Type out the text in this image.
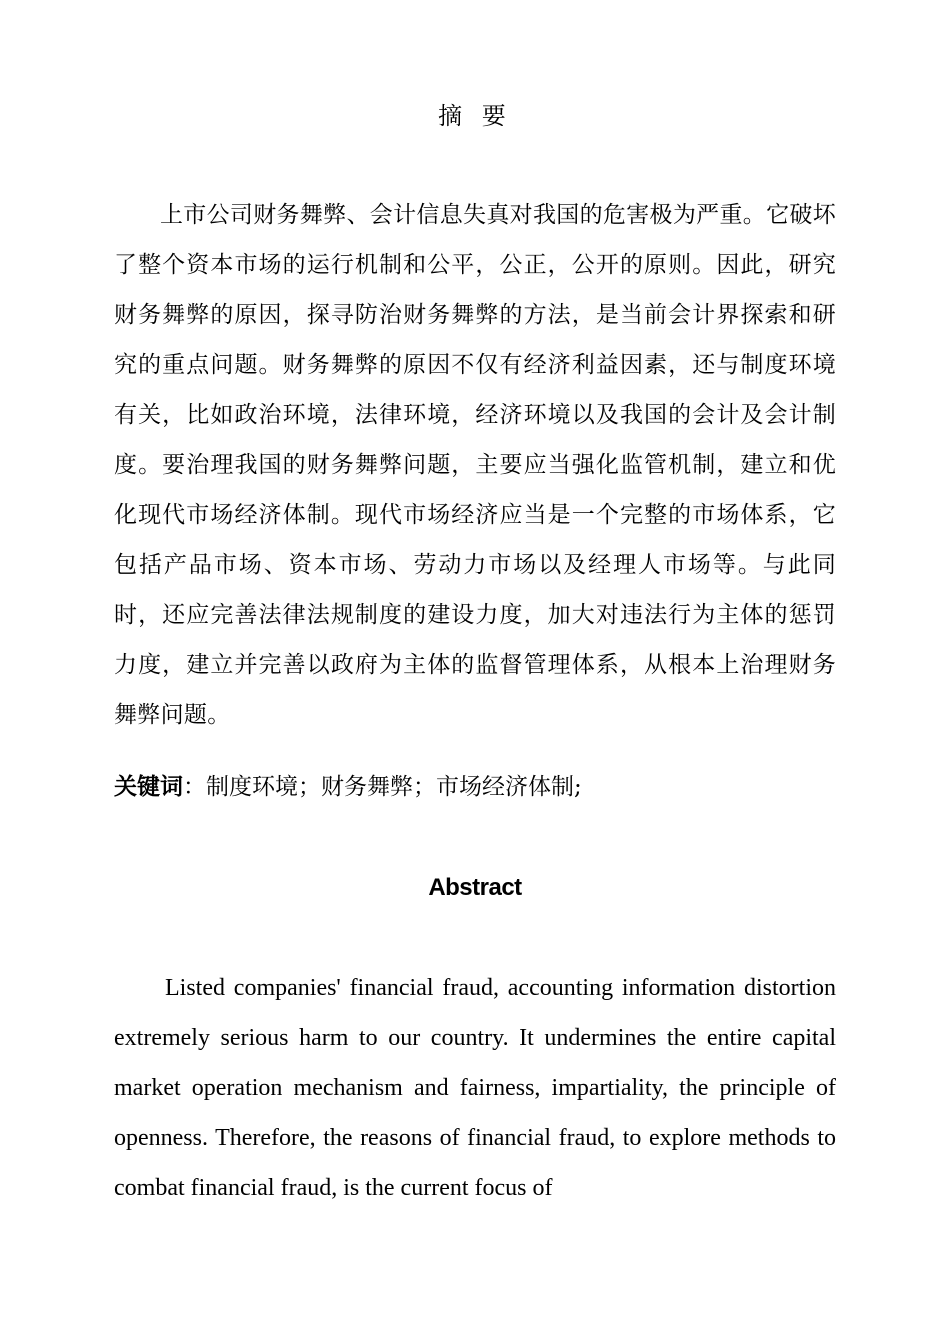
摘 要

上市公司财务舞弊、会计信息失真对我国的危害极为严重。它破坏了整个资本市场的运行机制和公平，公正，公开的原则。因此，研究财务舞弊的原因，探寻防治财务舞弊的方法，是当前会计界探索和研究的重点问题。财务舞弊的原因不仅有经济利益因素，还与制度环境有关，比如政治环境，法律环境，经济环境以及我国的会计及会计制度。要治理我国的财务舞弊问题，主要应当强化监管机制，建立和优化现代市场经济体制。现代市场经济应当是一个完整的市场体系，它包括产品市场、资本市场、劳动力市场以及经理人市场等。与此同时，还应完善法律法规制度的建设力度，加大对违法行为主体的惩罚力度，建立并完善以政府为主体的监督管理体系，从根本上治理财务舞弊问题。

关键词：制度环境；财务舞弊；市场经济体制;

Abstract

Listed companies' financial fraud, accounting information distortion extremely serious harm to our country. It undermines the entire capital market operation mechanism and fairness, impartiality, the principle of openness. Therefore, the reasons of financial fraud, to explore methods to combat financial fraud, is the current focus of
